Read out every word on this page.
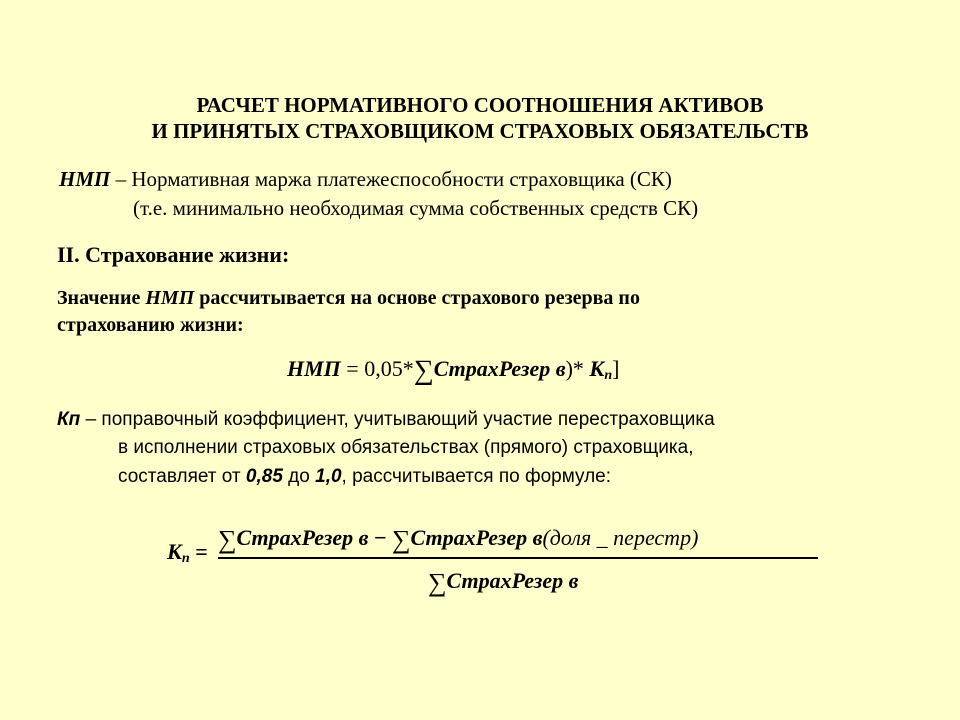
РАСЧЕТ НОРМАТИВНОГО СООТНОШЕНИЯ АКТИВОВ
И ПРИНЯТЫХ СТРАХОВЩИКОМ СТРАХОВЫХ ОБЯЗАТЕЛЬСТВ
НМП – Нормативная маржа платежеспособности страховщика (СК)
(т.е. минимально необходимая сумма собственных средств СК)
II. Страхование жизни:
Значение НМП рассчитывается на основе страхового резерва по
страхованию жизни:
НМП = 0,05*∑СтрахРезер в)* Кп]
Кп – поправочный коэффициент, учитывающий участие перестраховщика
в исполнении страховых обязательствах (прямого) страховщика,
составляет от 0,85 до 1,0, рассчитывается по формуле:
Кп = ∑СтрахРезер в − ∑СтрахРезер в(доля _ перестр)
∑СтрахРезер в
